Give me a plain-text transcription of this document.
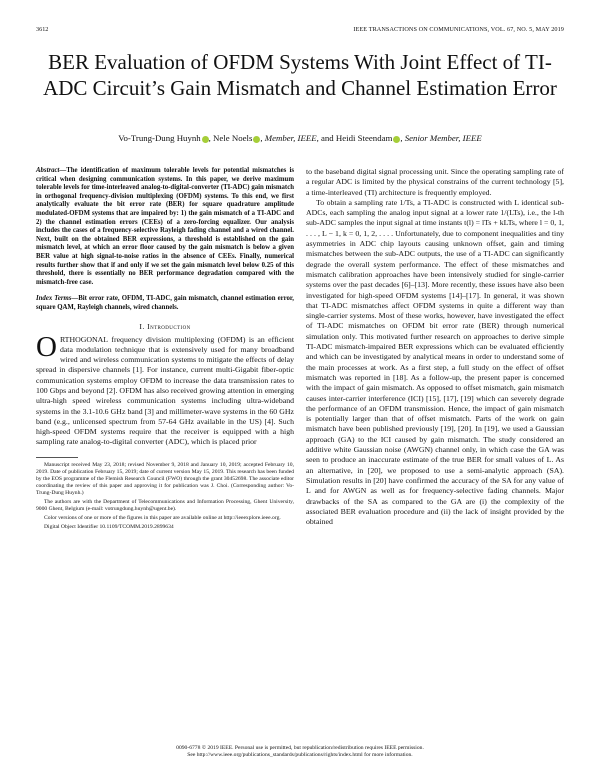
3612	IEEE TRANSACTIONS ON COMMUNICATIONS, VOL. 67, NO. 5, MAY 2019
BER Evaluation of OFDM Systems With Joint Effect of TI-ADC Circuit’s Gain Mismatch and Channel Estimation Error
Vo-Trung-Dung Huynh , Nele Noels , Member, IEEE, and Heidi Steendam , Senior Member, IEEE

Abstract—The identification of maximum tolerable levels for potential mismatches is critical when designing communication systems. In this paper, we derive maximum tolerable levels for time-interleaved analog-to-digital-converter (TI-ADC) gain mismatch in orthogonal frequency-division multiplexing (OFDM) systems. To this end, we first analytically evaluate the bit error rate (BER) for square quadrature amplitude modulated-OFDM systems that are impaired by: 1) the gain mismatch of a TI-ADC and 2) the channel estimation errors (CEEs) of a zero-forcing equalizer. Our analysis includes the cases of a frequency-selective Rayleigh fading channel and a wired channel. Next, built on the obtained BER expressions, a threshold is established on the gain mismatch level, at which an error floor caused by the gain mismatch is below a given BER value at high signal-to-noise ratios in the absence of CEEs. Finally, numerical results further show that if and only if we set the gain mismatch level below 0.25 of this threshold, there is essentially no BER performance degradation compared with the mismatch-free case.

Index Terms—Bit error rate, OFDM, TI-ADC, gain mismatch, channel estimation error, square QAM, Rayleigh channels, wired channels.

I. Introduction

ORTHOGONAL frequency division multiplexing (OFDM) is an efficient data modulation technique that is extensively used for many broadband wired and wireless communication systems to mitigate the effects of delay spread in dispersive channels [1]. For instance, current multi-Gigabit fiber-optic communication systems employ OFDM to increase the data transmission rates to 100 Gbps and beyond [2]. OFDM has also received growing attention in emerging ultra-high speed wireless communication systems including ultra-wideband systems in the 3.1-10.6 GHz band [3] and millimeter-wave systems in the 60 GHz band (e.g., unlicensed spectrum from 57-64 GHz available in the US) [4]. Such high-speed OFDM systems require that the receiver is equipped with a high sampling rate analog-to-digital converter (ADC), which is placed prior

Manuscript received May 23, 2018; revised November 9, 2018 and January 10, 2019; accepted February 10, 2019. Date of publication February 15, 2019; date of current version May 15, 2019. This research has been funded by the EOS programme of the Flemish Research Council (FWO) through the grant 30452698. The associate editor coordinating the review of this paper and approving it for publication was J. Choi. (Corresponding author: Vo-Trung-Dung Huynh.)

The authors are with the Department of Telecommunications and Information Processing, Ghent University, 9000 Ghent, Belgium (e-mail: votrungdung.huynh@ugent.be).

Color versions of one or more of the figures in this paper are available online at http://ieeexplore.ieee.org.

Digital Object Identifier 10.1109/TCOMM.2019.2899634

to the baseband digital signal processing unit. Since the operating sampling rate of a regular ADC is limited by the physical constrains of the current technology [5], a time-interleaved (TI) architecture is frequently employed.

To obtain a sampling rate 1/Ts, a TI-ADC is constructed with L identical sub-ADCs, each sampling the analog input signal at a lower rate 1/(LTs), i.e., the l-th sub-ADC samples the input signal at time instants t(l) = lTs + kLTs, where l = 0, 1, . . . , L − 1, k = 0, 1, 2, . . . . Unfortunately, due to component inequalities and tiny asymmetries in ADC chip layouts causing unknown offset, gain and timing mismatches between the sub-ADC outputs, the use of a TI-ADC can significantly degrade the overall system performance. The effect of these mismatches and mismatch calibration approaches have been intensively studied for single-carrier systems over the past decades [6]–[13]. More recently, these issues have also been investigated for high-speed OFDM systems [14]–[17]. In general, it was shown that TI-ADC mismatches affect OFDM systems in quite a different way than single-carrier systems. Most of these works, however, have investigated the effect of TI-ADC mismatches on OFDM bit error rate (BER) through numerical simulation only. This motivated further research on approaches to derive simple TI-ADC mismatch-impaired BER expressions which can be evaluated efficiently and which can be investigated by analytical means in order to understand some of the main processes at work. As a first step, a full study on the effect of offset mismatch was reported in [18]. As a follow-up, the present paper is concerned with the impact of gain mismatch. As opposed to offset mismatch, gain mismatch causes inter-carrier interference (ICI) [15], [17], [19] which can severely degrade the performance of an OFDM transmission. Hence, the impact of gain mismatch is potentially larger than that of offset mismatch. Parts of the work on gain mismatch have been published previously [19], [20]. In [19], we used a Gaussian approach (GA) to the ICI caused by gain mismatch. The study considered an additive white Gaussian noise (AWGN) channel only, in which case the GA was seen to produce an inaccurate estimate of the true BER for small values of L. As an alternative, in [20], we proposed to use a semi-analytic approach (SA). Simulation results in [20] have confirmed the accuracy of the SA for any value of L and for AWGN as well as for frequency-selective fading channels. Major drawbacks of the SA as compared to the GA are (i) the complexity of the associated BER evaluation procedure and (ii) the lack of insight provided by the obtained

0090-6778 © 2019 IEEE. Personal use is permitted, but republication/redistribution requires IEEE permission.
See http://www.ieee.org/publications_standards/publications/rights/index.html for more information.
